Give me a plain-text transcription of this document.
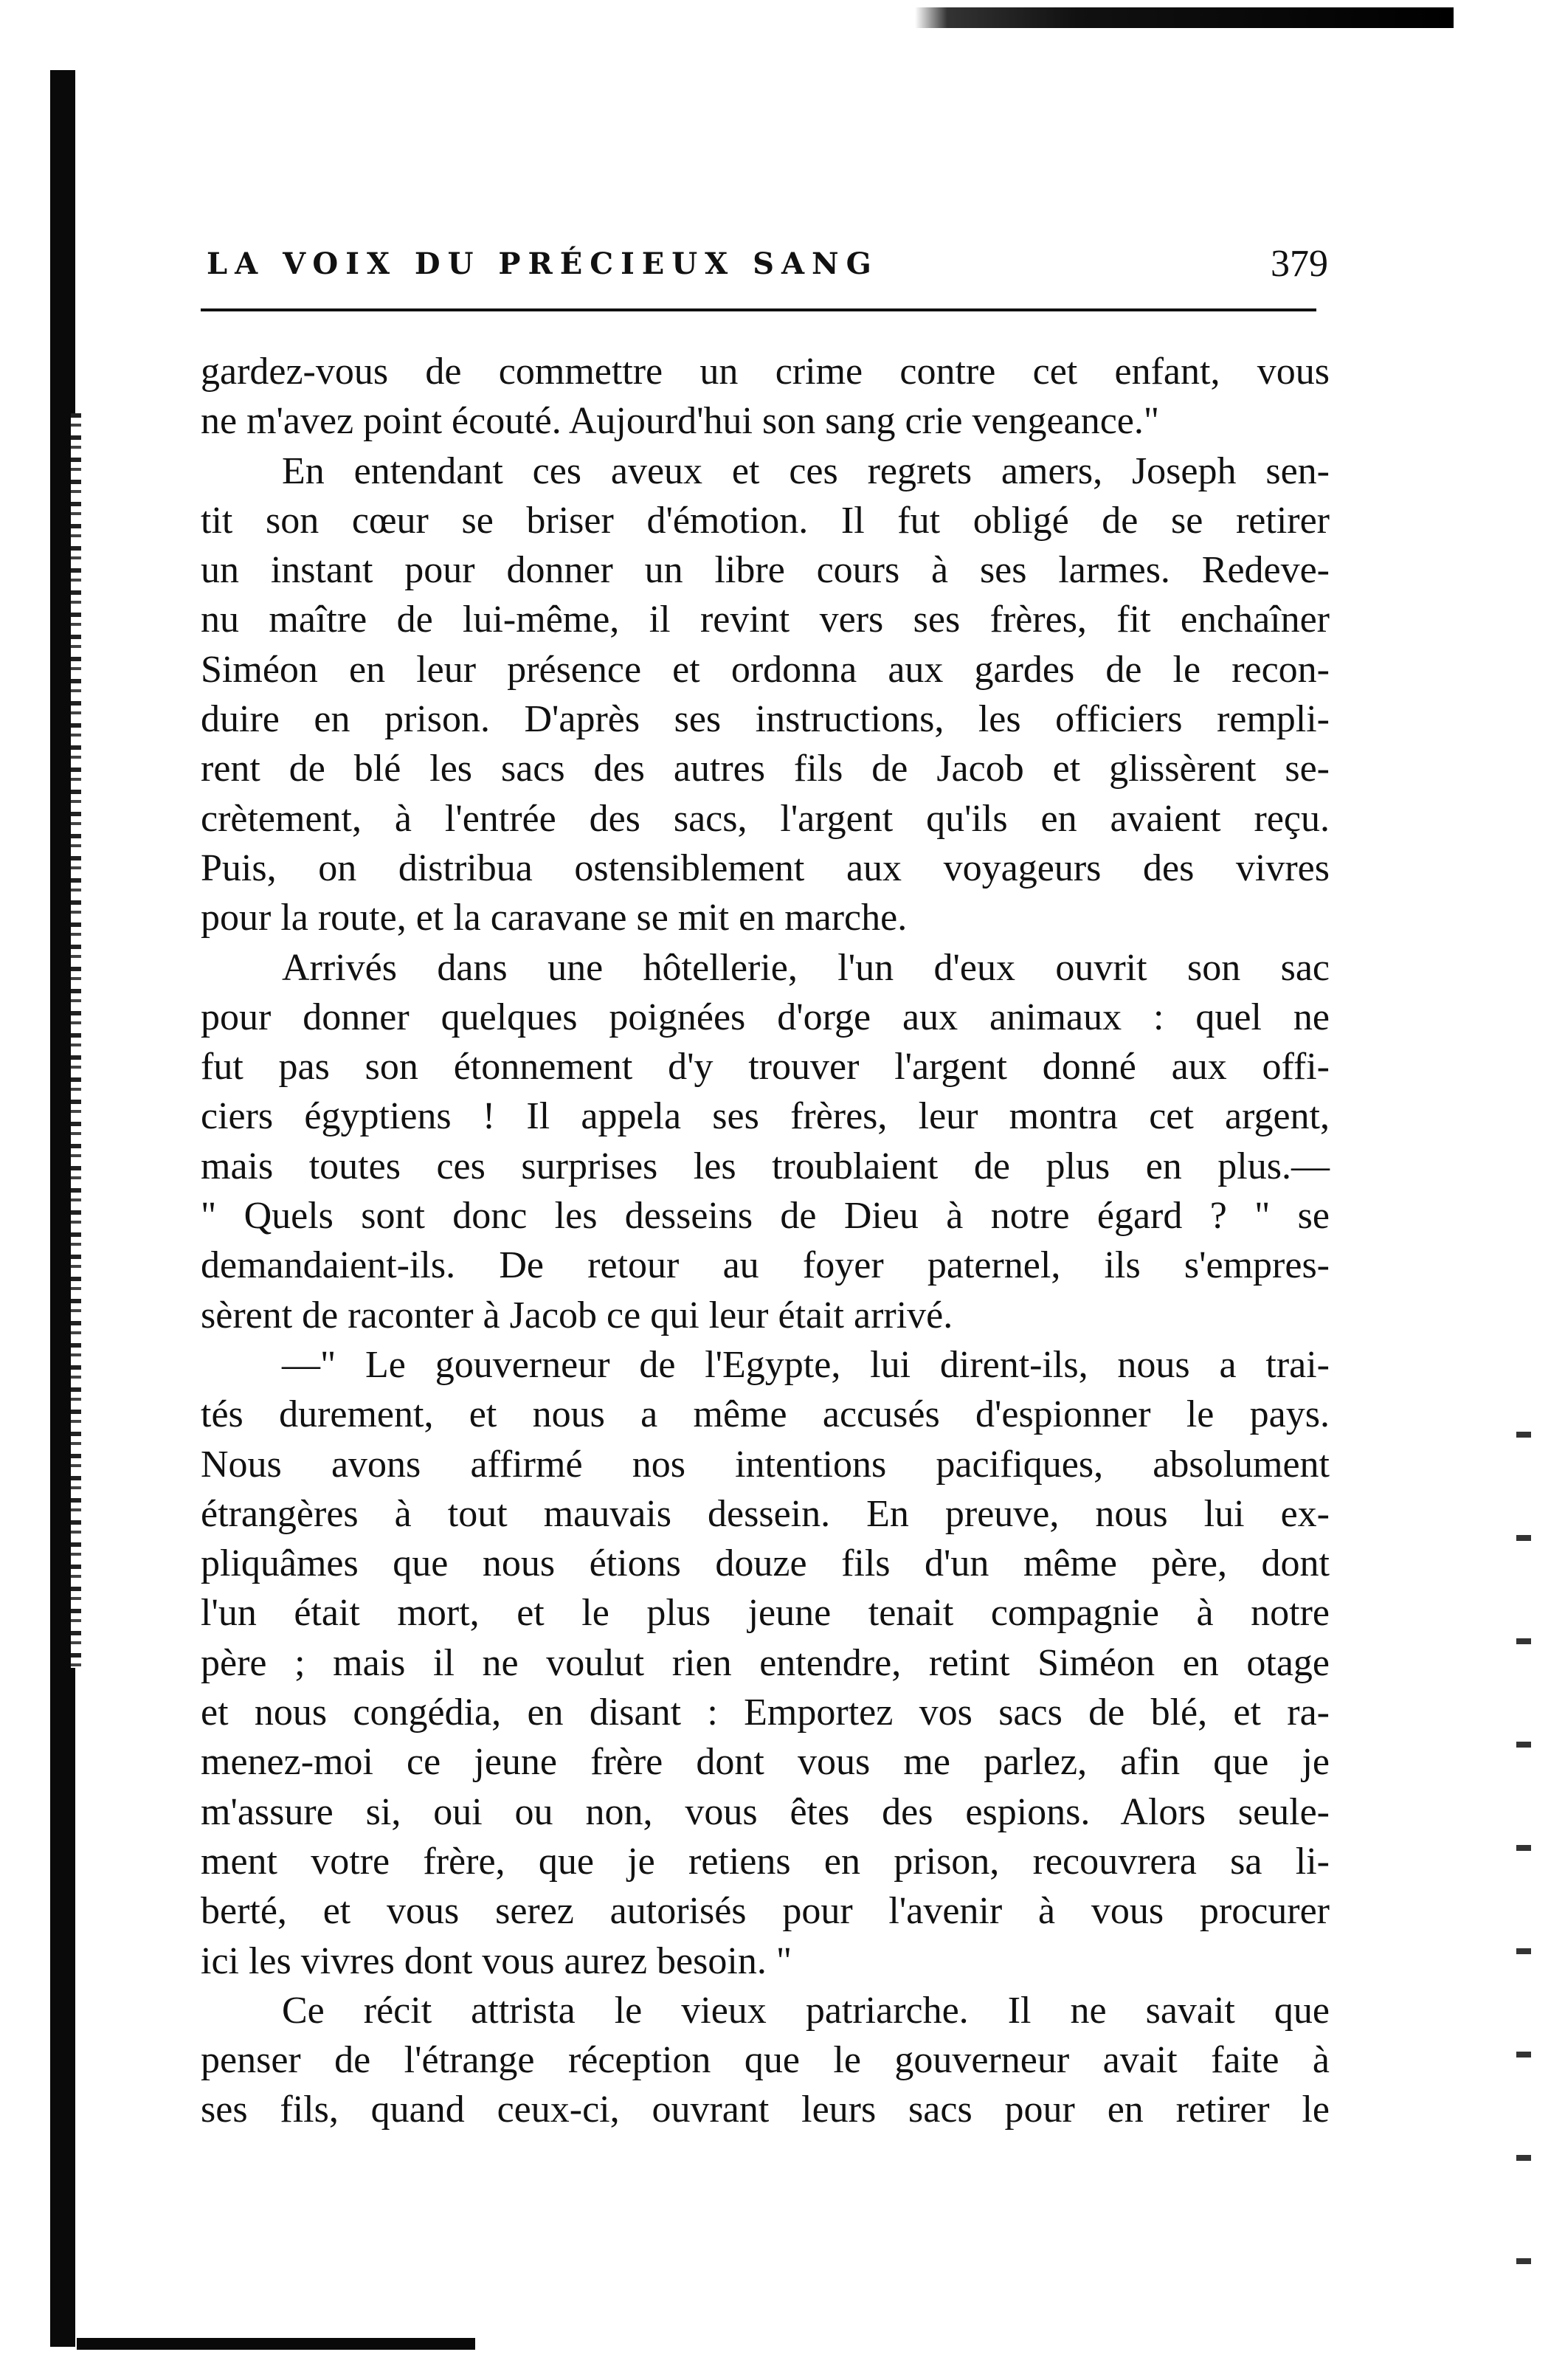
LA VOIX DU PRÉCIEUX SANG	379
gardez-vous de commettre un crime contre cet enfant, vous
ne m'avez point écouté. Aujourd'hui son sang crie vengeance."
En entendant ces aveux et ces regrets amers, Joseph sen-
tit son cœur se briser d'émotion. Il fut obligé de se retirer
un instant pour donner un libre cours à ses larmes. Redeve-
nu maître de lui-même, il revint vers ses frères, fit enchaîner
Siméon en leur présence et ordonna aux gardes de le recon-
duire en prison. D'après ses instructions, les officiers rempli-
rent de blé les sacs des autres fils de Jacob et glissèrent se-
crètement, à l'entrée des sacs, l'argent qu'ils en avaient reçu.
Puis, on distribua ostensiblement aux voyageurs des vivres
pour la route, et la caravane se mit en marche.
Arrivés dans une hôtellerie, l'un d'eux ouvrit son sac
pour donner quelques poignées d'orge aux animaux : quel ne
fut pas son étonnement d'y trouver l'argent donné aux offi-
ciers égyptiens ! Il appela ses frères, leur montra cet argent,
mais toutes ces surprises les troublaient de plus en plus.—
" Quels sont donc les desseins de Dieu à notre égard ? " se
demandaient-ils. De retour au foyer paternel, ils s'empres-
sèrent de raconter à Jacob ce qui leur était arrivé.
—" Le gouverneur de l'Egypte, lui dirent-ils, nous a trai-
tés durement, et nous a même accusés d'espionner le pays.
Nous avons affirmé nos intentions pacifiques, absolument
étrangères à tout mauvais dessein. En preuve, nous lui ex-
pliquâmes que nous étions douze fils d'un même père, dont
l'un était mort, et le plus jeune tenait compagnie à notre
père ; mais il ne voulut rien entendre, retint Siméon en otage
et nous congédia, en disant : Emportez vos sacs de blé, et ra-
menez-moi ce jeune frère dont vous me parlez, afin que je
m'assure si, oui ou non, vous êtes des espions. Alors seule-
ment votre frère, que je retiens en prison, recouvrera sa li-
berté, et vous serez autorisés pour l'avenir à vous procurer
ici les vivres dont vous aurez besoin. "
Ce récit attrista le vieux patriarche. Il ne savait que
penser de l'étrange réception que le gouverneur avait faite à
ses fils, quand ceux-ci, ouvrant leurs sacs pour en retirer le
